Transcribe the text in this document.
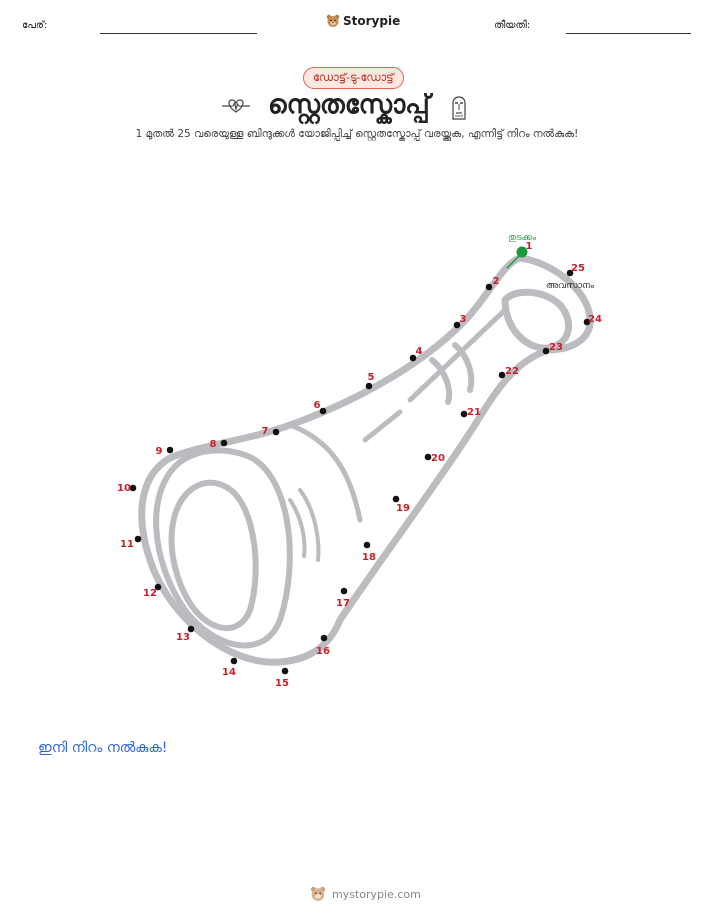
പേര്:	Storypie	തീയതി:
ഡോട്ട്-ടു-ഡോട്ട്
സ്റ്റെതസ്കോപ്പ്
1 മുതൽ 25 വരെയുള്ള ബിന്ദുക്കൾ യോജിപ്പിച്ച് സ്റ്റെതസ്കോപ്പ് വരയ്ക്കുക, എന്നിട്ട് നിറം നൽകുക!
1
2
3
4
5
6
7
8
9
10
11
12
13
14
15
16
17
18
19
20
21
22
23
24
25
തുടക്കം
അവസാനം
ഇനി നിറം നൽകുക!
mystorypie.com
